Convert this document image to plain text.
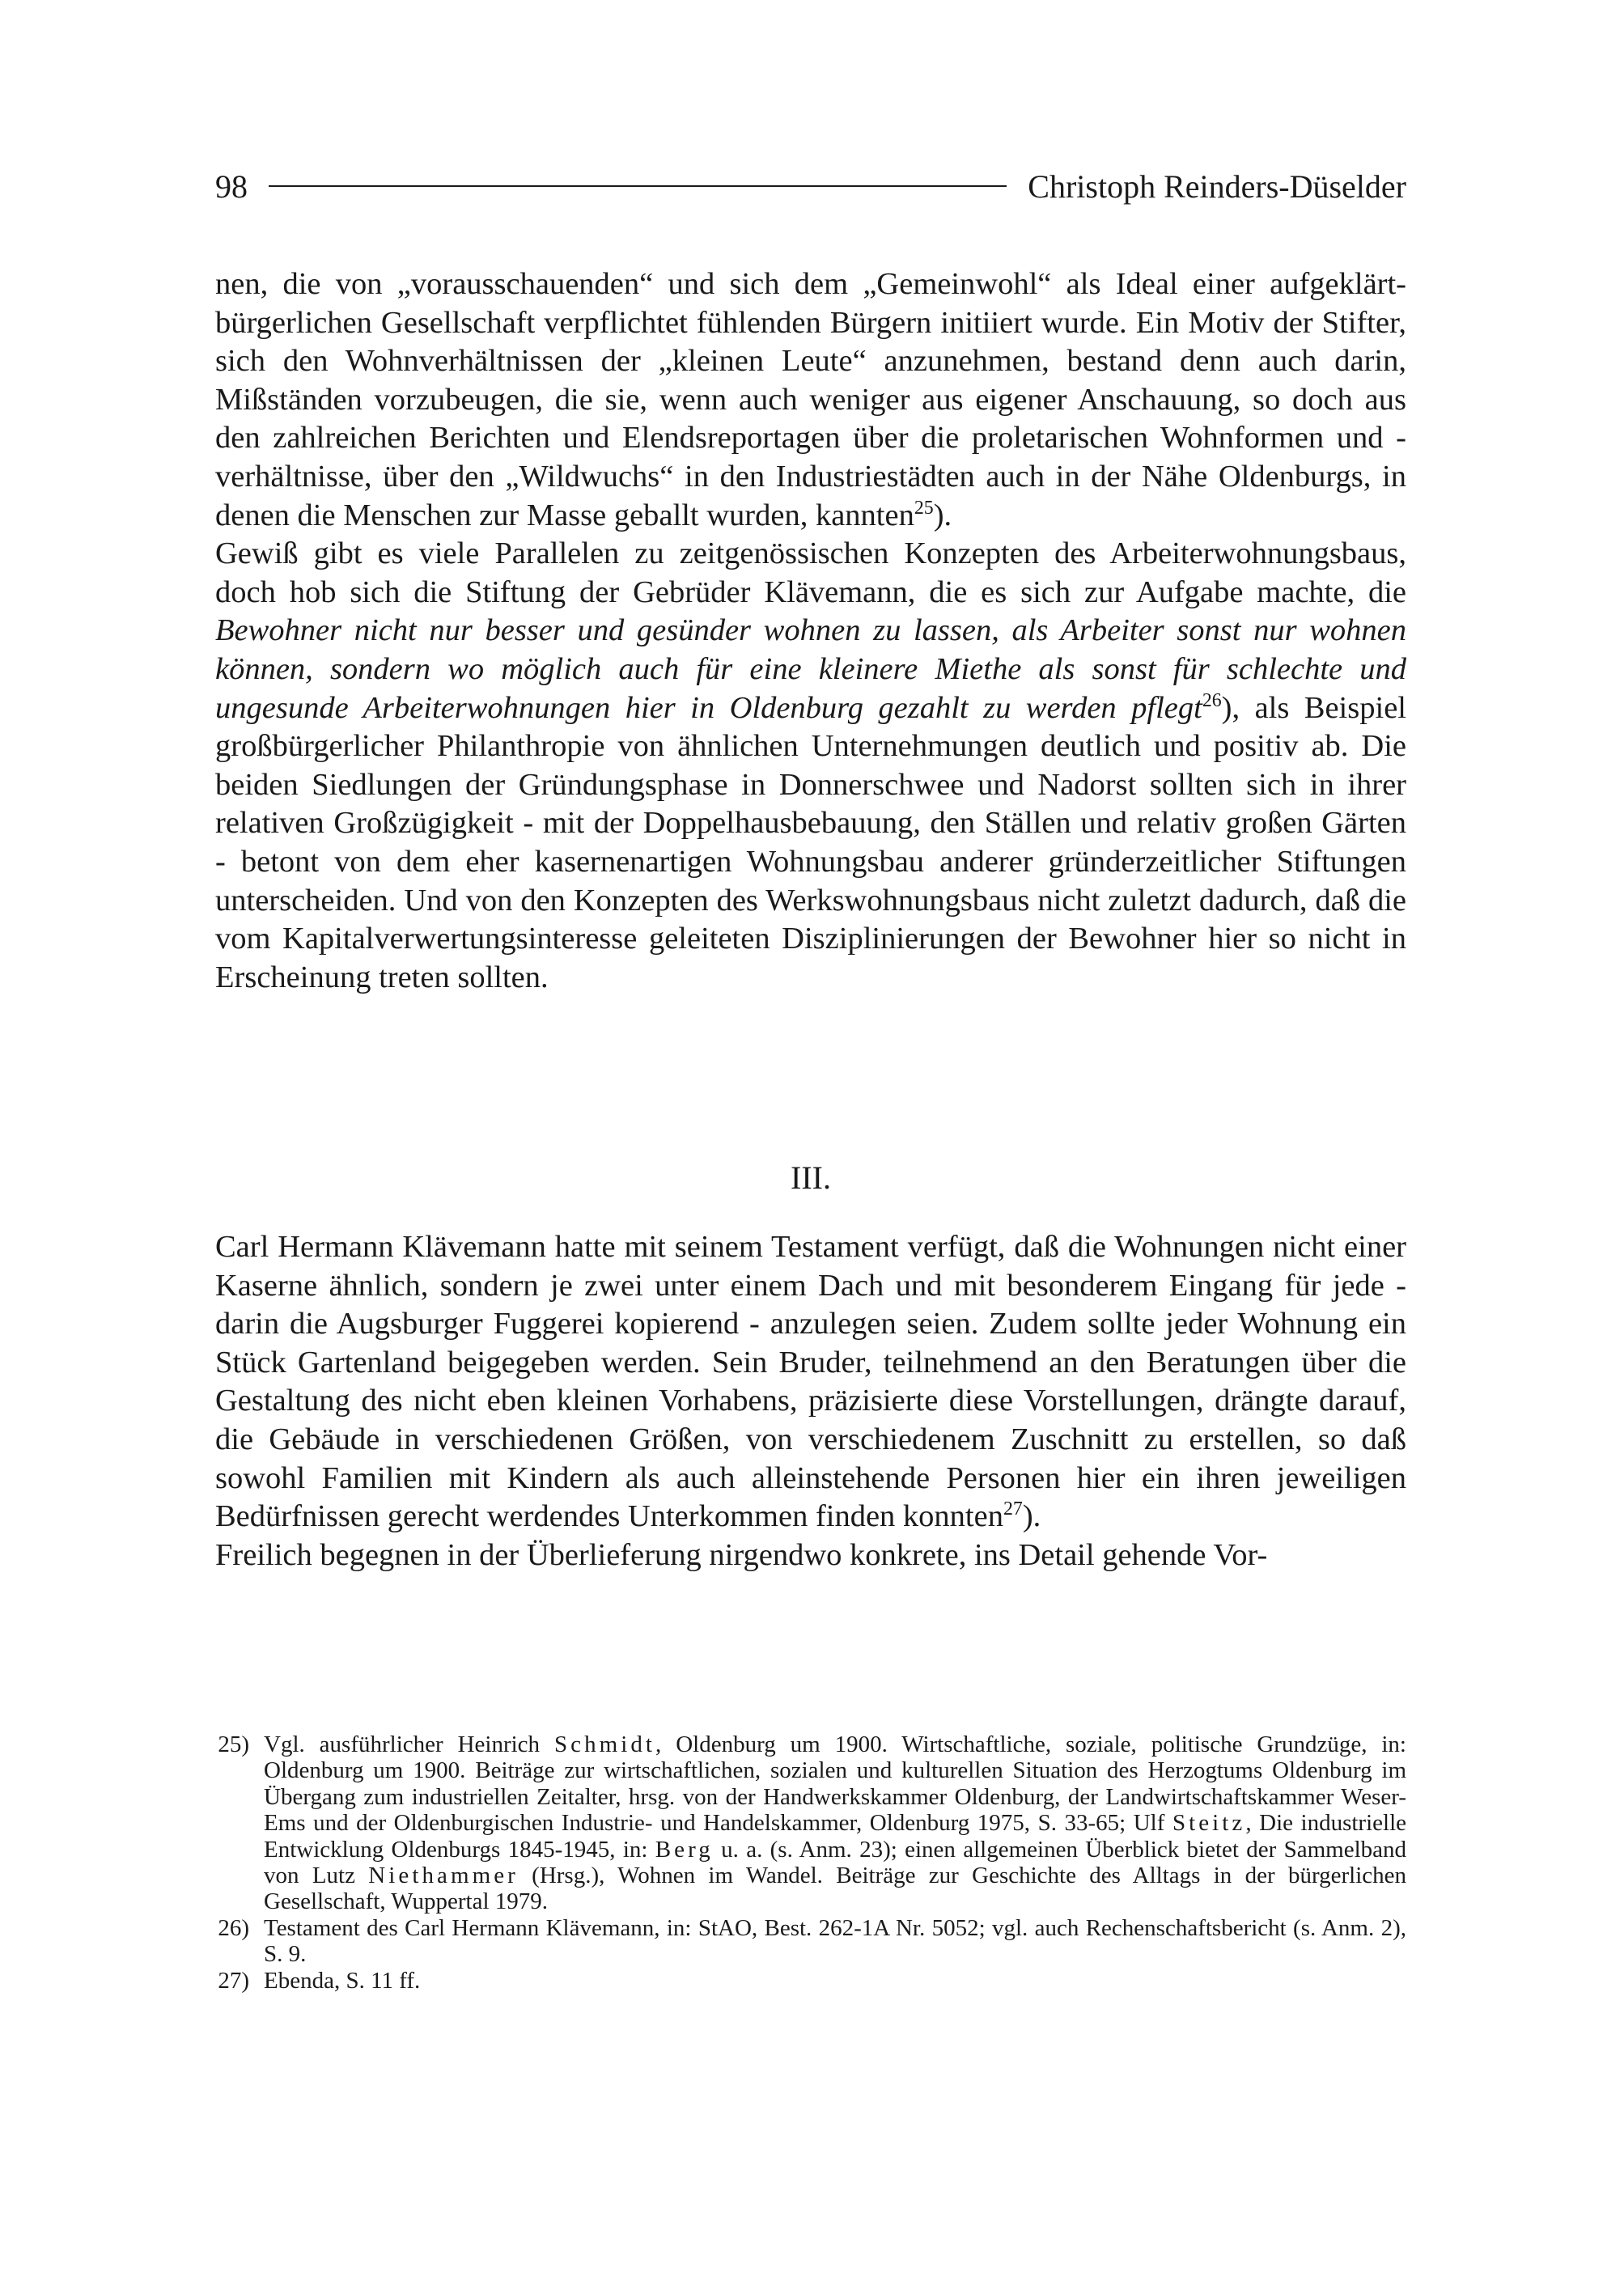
98	Christoph Reinders-Düselder

nen, die von „vorausschauenden“ und sich dem „Gemeinwohl“ als Ideal einer aufgeklärt-bürgerlichen Gesellschaft verpflichtet fühlenden Bürgern initiiert wurde. Ein Motiv der Stifter, sich den Wohnverhältnissen der „kleinen Leute“ anzunehmen, bestand denn auch darin, Mißständen vorzubeugen, die sie, wenn auch weniger aus eigener Anschauung, so doch aus den zahlreichen Berichten und Elendsreportagen über die proletarischen Wohnformen und -verhältnisse, über den „Wildwuchs“ in den Industriestädten auch in der Nähe Oldenburgs, in denen die Menschen zur Masse geballt wurden, kannten$^{25}$).

Gewiß gibt es viele Parallelen zu zeitgenössischen Konzepten des Arbeiterwohnungsbaus, doch hob sich die Stiftung der Gebrüder Klävemann, die es sich zur Aufgabe machte, die Bewohner nicht nur besser und gesünder wohnen zu lassen, als Arbeiter sonst nur wohnen können, sondern wo möglich auch für eine kleinere Miethe als sonst für schlechte und ungesunde Arbeiterwohnungen hier in Oldenburg gezahlt zu werden pflegt$^{26}$), als Beispiel großbürgerlicher Philanthropie von ähnlichen Unternehmungen deutlich und positiv ab. Die beiden Siedlungen der Gründungsphase in Donnerschwee und Nadorst sollten sich in ihrer relativen Großzügigkeit - mit der Doppelhausbebauung, den Ställen und relativ großen Gärten - betont von dem eher kasernenartigen Wohnungsbau anderer gründerzeitlicher Stiftungen unterscheiden. Und von den Konzepten des Werkswohnungsbaus nicht zuletzt dadurch, daß die vom Kapitalverwertungsinteresse geleiteten Disziplinierungen der Bewohner hier so nicht in Erscheinung treten sollten.

III.

Carl Hermann Klävemann hatte mit seinem Testament verfügt, daß die Wohnungen nicht einer Kaserne ähnlich, sondern je zwei unter einem Dach und mit besonderem Eingang für jede - darin die Augsburger Fuggerei kopierend - anzulegen seien. Zudem sollte jeder Wohnung ein Stück Gartenland beigegeben werden. Sein Bruder, teilnehmend an den Beratungen über die Gestaltung des nicht eben kleinen Vorhabens, präzisierte diese Vorstellungen, drängte darauf, die Gebäude in verschiedenen Größen, von verschiedenem Zuschnitt zu erstellen, so daß sowohl Familien mit Kindern als auch alleinstehende Personen hier ein ihren jeweiligen Bedürfnissen gerecht werdendes Unterkommen finden konnten$^{27}$).

Freilich begegnen in der Überlieferung nirgendwo konkrete, ins Detail gehende Vor-

25) Vgl. ausführlicher Heinrich Schmidt, Oldenburg um 1900. Wirtschaftliche, soziale, politische Grundzüge, in: Oldenburg um 1900. Beiträge zur wirtschaftlichen, sozialen und kulturellen Situation des Herzogtums Oldenburg im Übergang zum industriellen Zeitalter, hrsg. von der Handwerkskammer Oldenburg, der Landwirtschaftskammer Weser-Ems und der Oldenburgischen Industrie- und Handelskammer, Oldenburg 1975, S. 33-65; Ulf Steitz, Die industrielle Entwicklung Oldenburgs 1845-1945, in: Berg u. a. (s. Anm. 23); einen allgemeinen Überblick bietet der Sammelband von Lutz Niethammer (Hrsg.), Wohnen im Wandel. Beiträge zur Geschichte des Alltags in der bürgerlichen Gesellschaft, Wuppertal 1979.
26) Testament des Carl Hermann Klävemann, in: StAO, Best. 262-1A Nr. 5052; vgl. auch Rechenschaftsbericht (s. Anm. 2), S. 9.
27) Ebenda, S. 11 ff.
